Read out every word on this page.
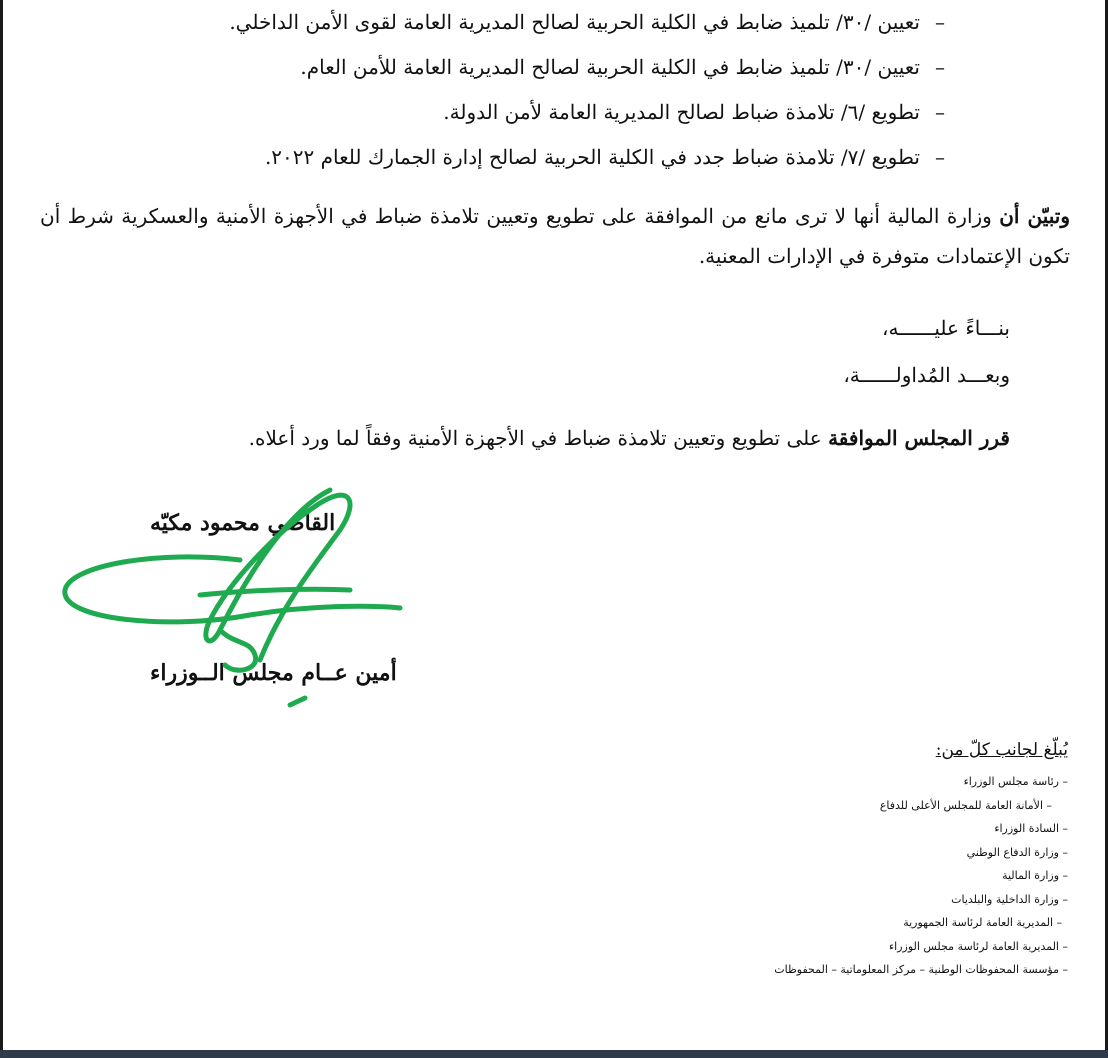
–تعيين /٣٠/ تلميذ ضابط في الكلية الحربية لصالح المديرية العامة لقوى الأمن الداخلي.
–تعيين /٣٠/ تلميذ ضابط في الكلية الحربية لصالح المديرية العامة للأمن العام.
–تطويع /٦/ تلامذة ضباط لصالح المديرية العامة لأمن الدولة.
–تطويع /٧/ تلامذة ضباط جدد في الكلية الحربية لصالح إدارة الجمارك للعام ٢٠٢٢.
وتبيّن أن وزارة المالية أنها لا ترى مانع من الموافقة على تطويع وتعيين تلامذة ضباط في الأجهزة الأمنية والعسكرية شرط أن تكون الإعتمادات متوفرة في الإدارات المعنية.
بنـــاءً عليــــــه،
وبعـــد المُداولــــــة،
قرر المجلس الموافقة على تطويع وتعيين تلامذة ضباط في الأجهزة الأمنية وفقاً لما ورد أعلاه.
القاضي محمود مكيّه
أمين عــام مجلس الــوزراء
يُبلّغ لجانب كلّ من:
– رئاسة مجلس الوزراء
– الأمانة العامة للمجلس الأعلى للدفاع
– السادة الوزراء
– وزارة الدفاع الوطني
– وزارة المالية
– وزارة الداخلية والبلديات
– المديرية العامة لرئاسة الجمهورية
– المديرية العامة لرئاسة مجلس الوزراء
– مؤسسة المحفوظات الوطنية – مركز المعلوماتية – المحفوظات
